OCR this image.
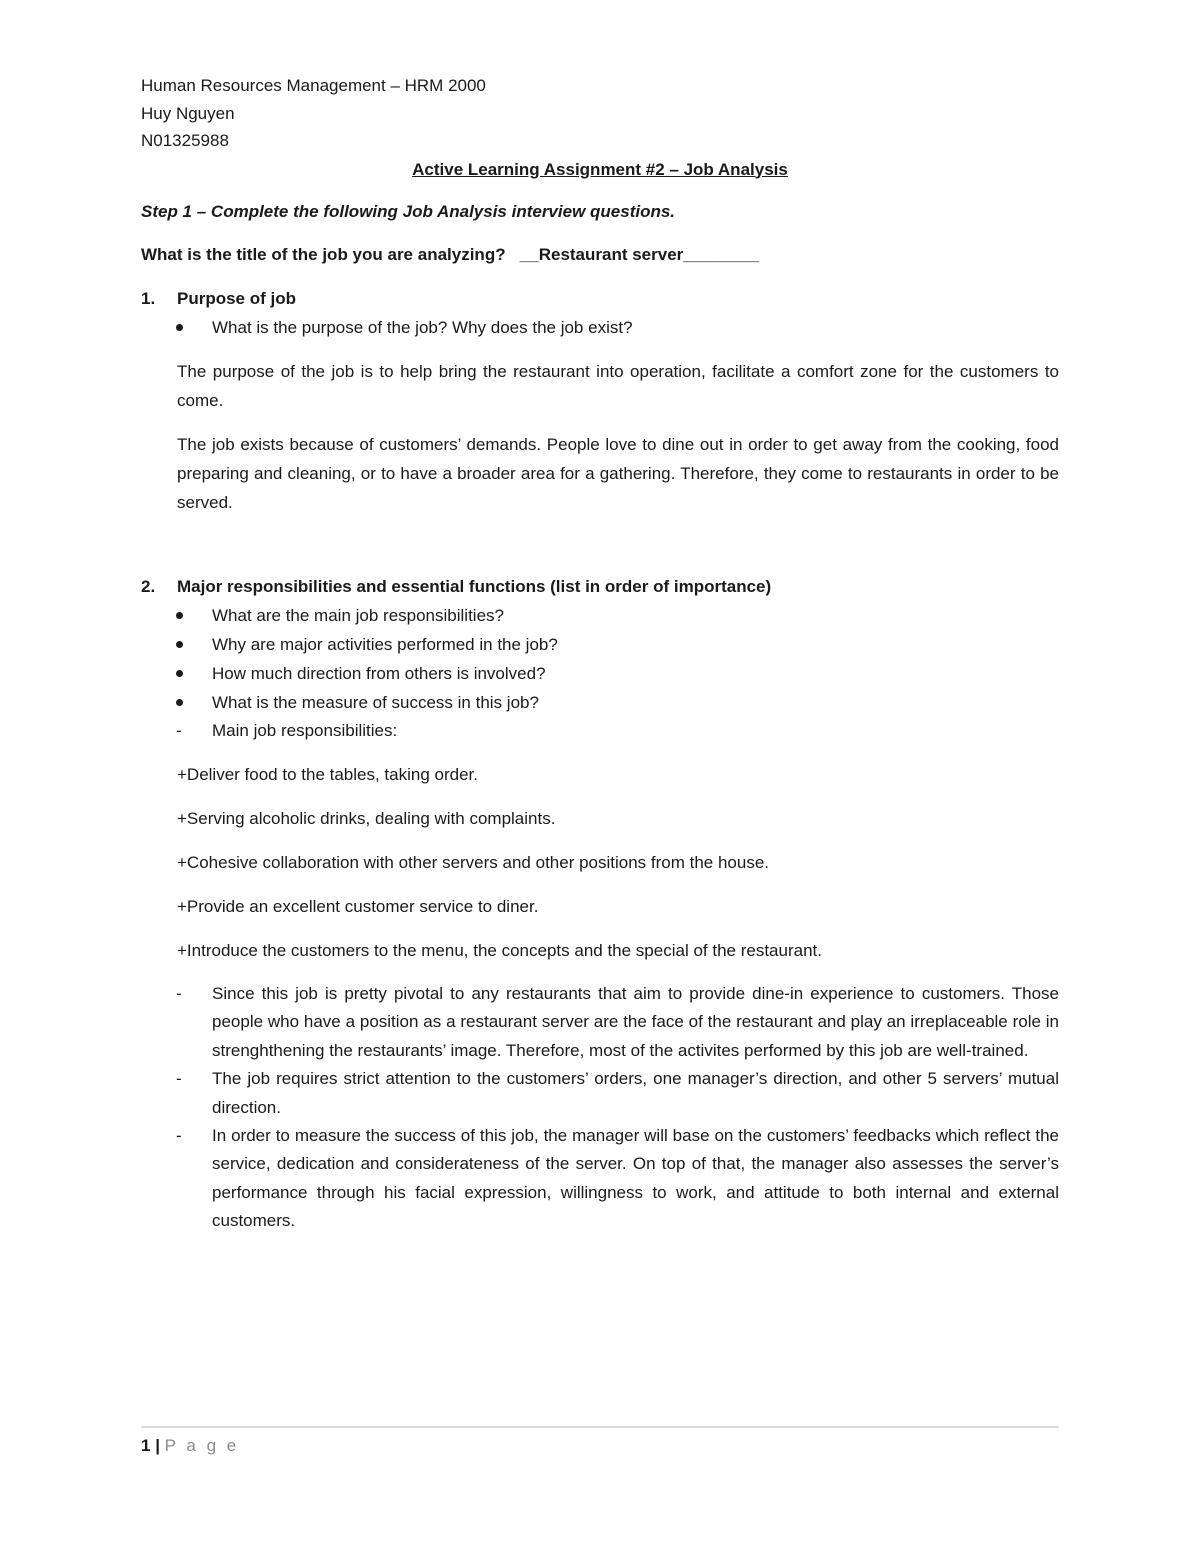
Human Resources Management – HRM 2000
Huy Nguyen
N01325988
Active Learning Assignment #2 – Job Analysis
Step 1 – Complete the following Job Analysis interview questions.
What is the title of the job you are analyzing? __Restaurant server________
1. Purpose of job
What is the purpose of the job? Why does the job exist?

The purpose of the job is to help bring the restaurant into operation, facilitate a comfort zone for the customers to come.

The job exists because of customers’ demands. People love to dine out in order to get away from the cooking, food preparing and cleaning, or to have a broader area for a gathering. Therefore, they come to restaurants in order to be served.

2. Major responsibilities and essential functions (list in order of importance)
What are the main job responsibilities?
Why are major activities performed in the job?
How much direction from others is involved?
What is the measure of success in this job?
- Main job responsibilities:

+Deliver food to the tables, taking order.

+Serving alcoholic drinks, dealing with complaints.

+Cohesive collaboration with other servers and other positions from the house.

+Provide an excellent customer service to diner.

+Introduce the customers to the menu, the concepts and the special of the restaurant.

- Since this job is pretty pivotal to any restaurants that aim to provide dine-in experience to customers. Those people who have a position as a restaurant server are the face of the restaurant and play an irreplaceable role in strenghthening the restaurants’ image. Therefore, most of the activites performed by this job are well-trained.
- The job requires strict attention to the customers’ orders, one manager’s direction, and other 5 servers’ mutual direction.
- In order to measure the success of this job, the manager will base on the customers’ feedbacks which reflect the service, dedication and considerateness of the server. On top of that, the manager also assesses the server’s performance through his facial expression, willingness to work, and attitude to both internal and external customers.
1 | P a g e
